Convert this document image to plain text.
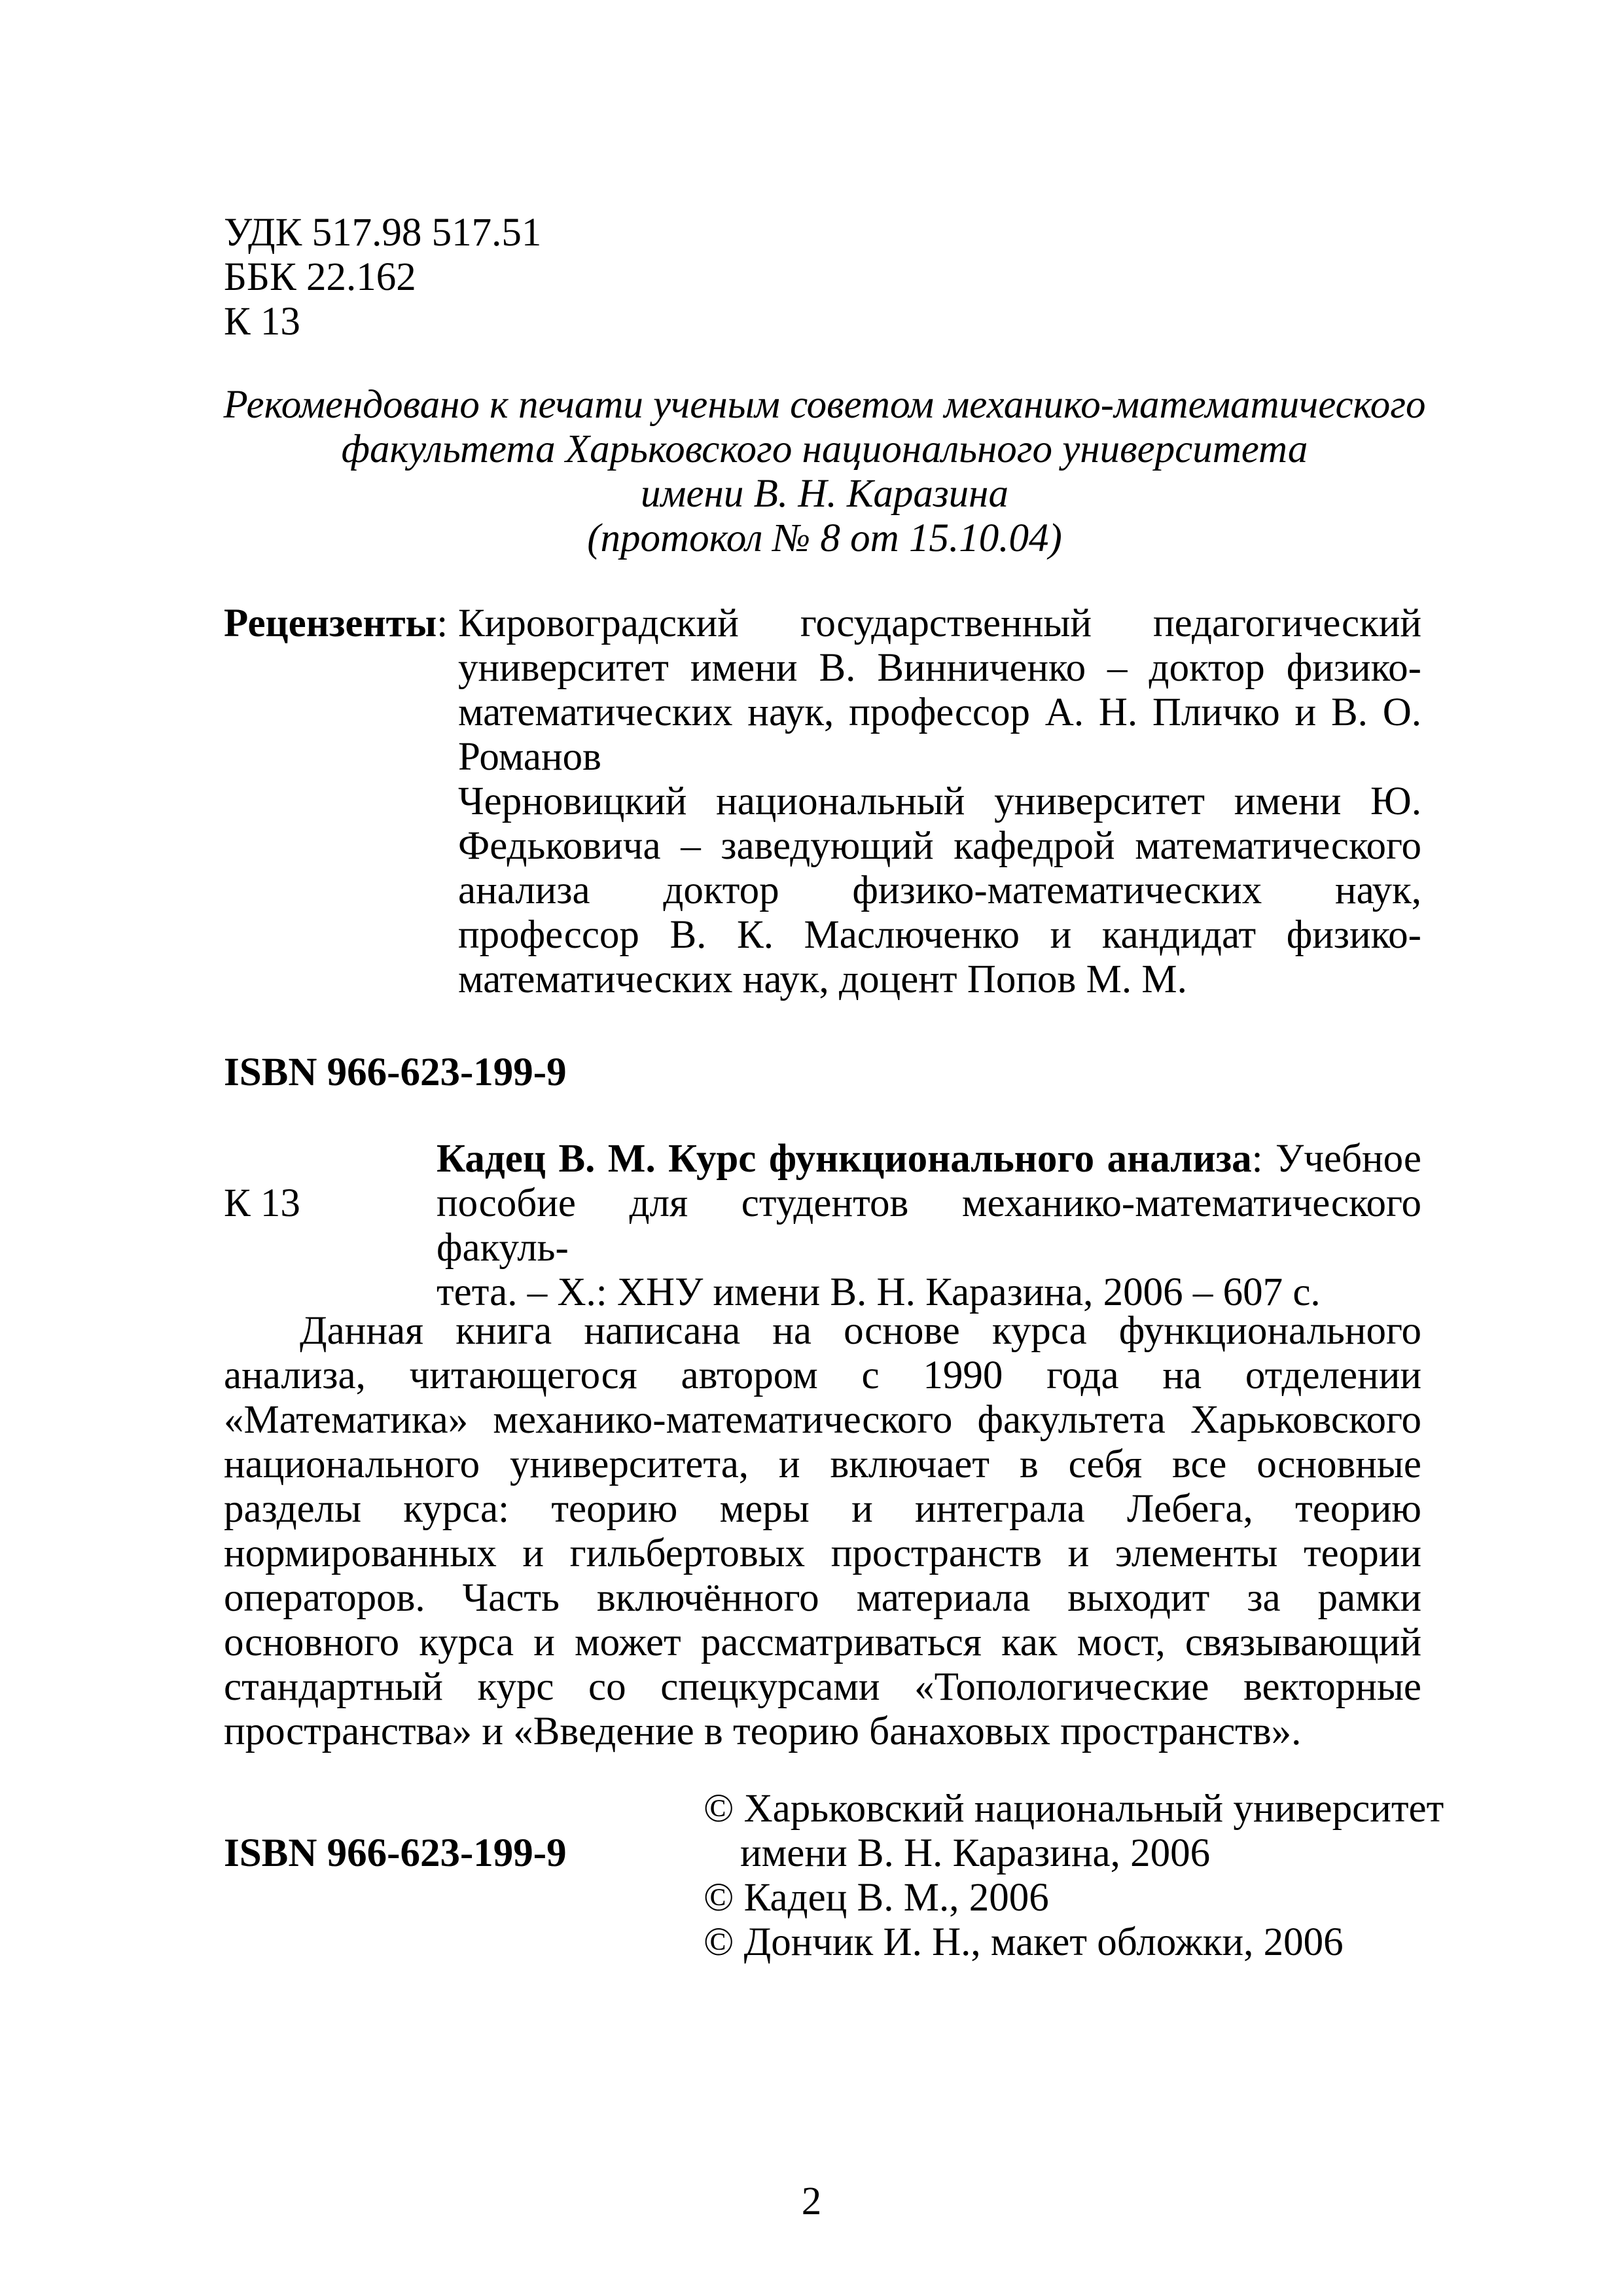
УДК 517.98 517.51
ББК 22.162
К 13
Рекомендовано к печати ученым советом механико-математического
факультета Харьковского национального университета
имени В. Н. Каразина
(протокол № 8 от 15.10.04)
Рецензенты: Кировоградский государственный педагогический университет имени В. Винниченко – доктор физико-математических наук, профессор А. Н. Пличко и В. О. Романов

Черновицкий национальный университет имени Ю. Федьковича – заведующий кафедрой математического анализа доктор физико-математических наук, профессор В. К. Маслюченко и кандидат физико-математических наук, доцент Попов М. М.

ISBN 966-623-199-9
К 13
Кадец В. М. Курс функционального анализа: Учебное
пособие для студентов механико-математического факуль-
тета. – Х.: ХНУ имени В. Н. Каразина, 2006 – 607 с.

Данная книга написана на основе курса функционального анализа, читающегося автором с 1990 года на отделении «Математика» механико-математического факультета Харьковского национального университета, и включает в себя все основные разделы курса: теорию меры и интеграла Лебега, теорию нормированных и гильбертовых пространств и элементы теории операторов. Часть включённого материала выходит за рамки основного курса и может рассматриваться как мост, связывающий стандартный курс со спецкурсами «Топологические векторные пространства» и «Введение в теорию банаховых пространств».

ISBN 966-623-199-9
© Харьковский национальный университет
имени В. Н. Каразина, 2006
© Кадец В. М., 2006
© Дончик И. Н., макет обложки, 2006
2
